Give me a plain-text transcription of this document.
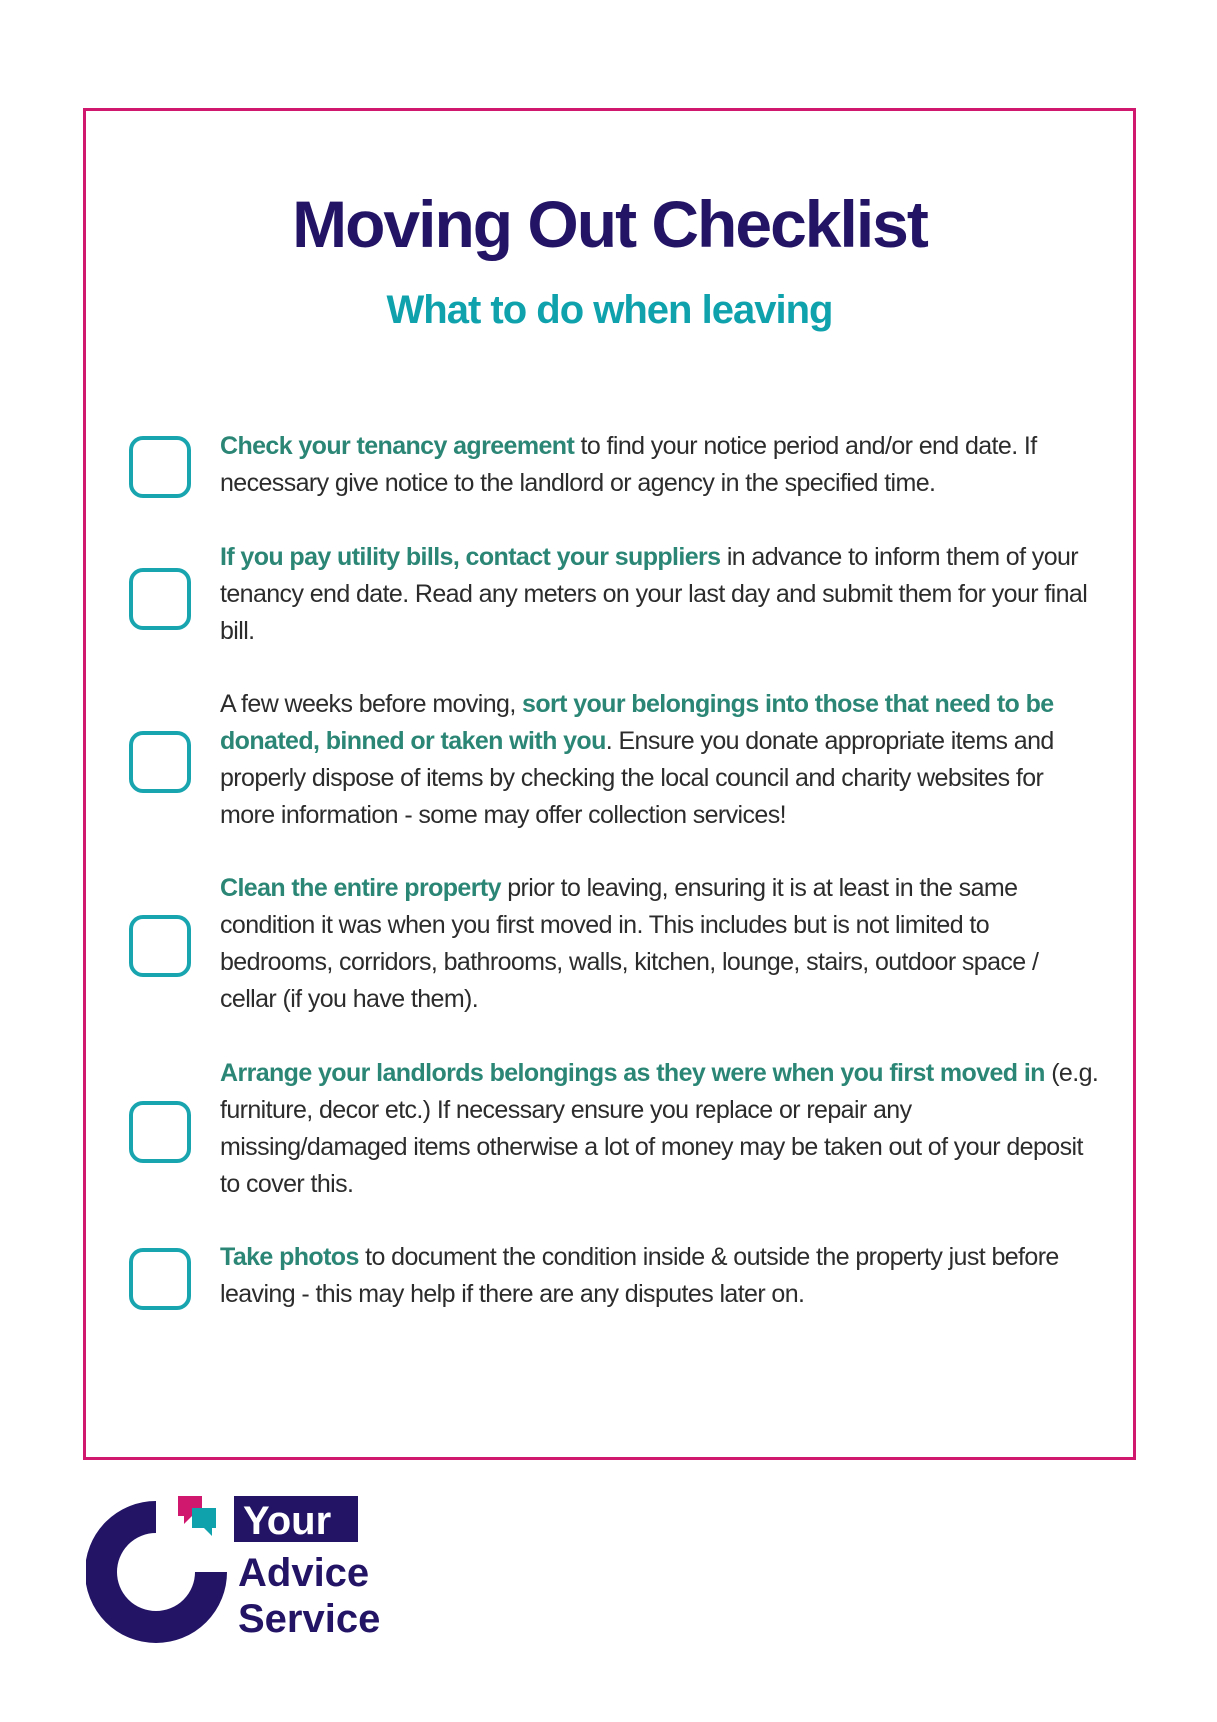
Moving Out Checklist
What to do when leaving

Check your tenancy agreement to find your notice period and/or end date. If necessary give notice to the landlord or agency in the specified time.

If you pay utility bills, contact your suppliers in advance to inform them of your tenancy end date. Read any meters on your last day and submit them for your final bill.

A few weeks before moving, sort your belongings into those that need to be donated, binned or taken with you. Ensure you donate appropriate items and properly dispose of items by checking the local council and charity websites for more information - some may offer collection services!

Clean the entire property prior to leaving, ensuring it is at least in the same condition it was when you first moved in. This includes but is not limited to bedrooms, corridors, bathrooms, walls, kitchen, lounge, stairs, outdoor space / cellar (if you have them).

Arrange your landlords belongings as they were when you first moved in (e.g. furniture, decor etc.) If necessary ensure you replace or repair any missing/damaged items otherwise a lot of money may be taken out of your deposit to cover this.

Take photos to document the condition inside & outside the property just before leaving - this may help if there are any disputes later on.

Your
Advice
Service
